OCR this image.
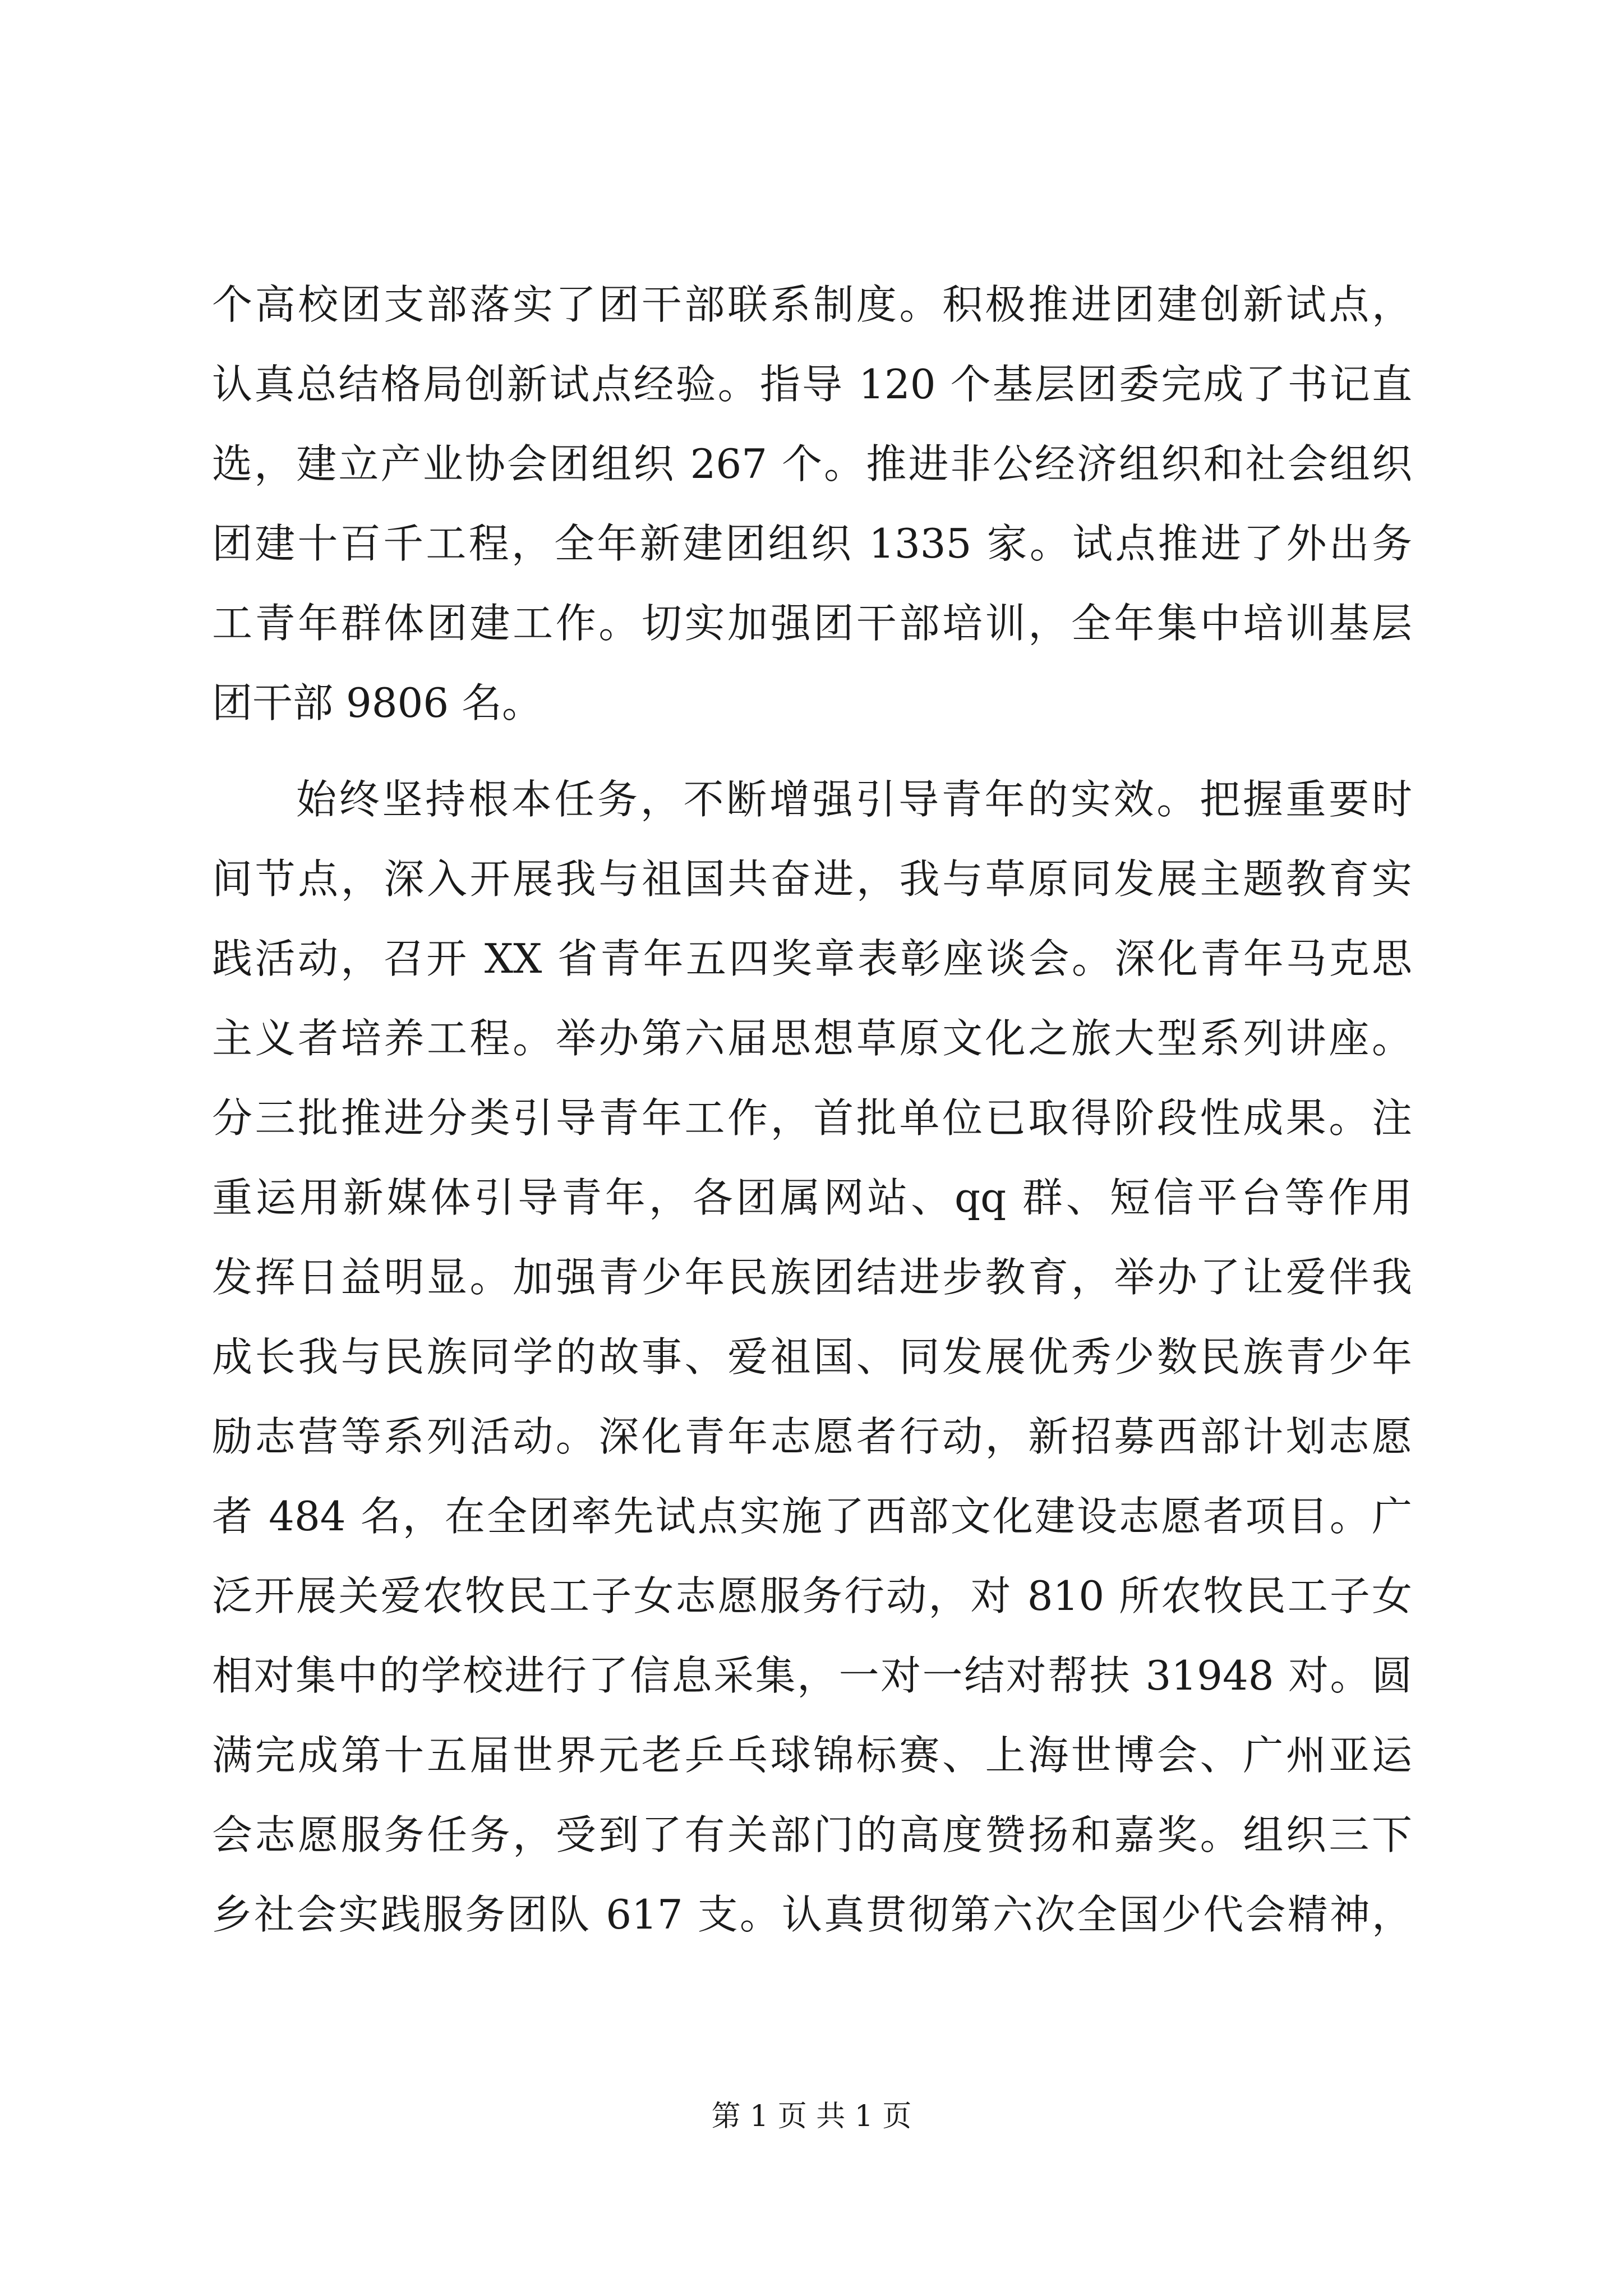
个高校团支部落实了团干部联系制度。积极推进团建创新试点，
认真总结格局创新试点经验。指导 120 个基层团委完成了书记直
选，建立产业协会团组织 267 个。推进非公经济组织和社会组织
团建十百千工程，全年新建团组织 1335 家。试点推进了外出务
工青年群体团建工作。切实加强团干部培训，全年集中培训基层
团干部 9806 名。
始终坚持根本任务，不断增强引导青年的实效。把握重要时
间节点，深入开展我与祖国共奋进，我与草原同发展主题教育实
践活动，召开 XX 省青年五四奖章表彰座谈会。深化青年马克思
主义者培养工程。举办第六届思想草原文化之旅大型系列讲座。
分三批推进分类引导青年工作，首批单位已取得阶段性成果。注
重运用新媒体引导青年，各团属网站、qq 群、短信平台等作用
发挥日益明显。加强青少年民族团结进步教育，举办了让爱伴我
成长我与民族同学的故事、爱祖国、同发展优秀少数民族青少年
励志营等系列活动。深化青年志愿者行动，新招募西部计划志愿
者 484 名，在全团率先试点实施了西部文化建设志愿者项目。广
泛开展关爱农牧民工子女志愿服务行动，对 810 所农牧民工子女
相对集中的学校进行了信息采集，一对一结对帮扶 31948 对。圆
满完成第十五届世界元老乒乓球锦标赛、上海世博会、广州亚运
会志愿服务任务，受到了有关部门的高度赞扬和嘉奖。组织三下
乡社会实践服务团队 617 支。认真贯彻第六次全国少代会精神，
第 1 页 共 1 页
